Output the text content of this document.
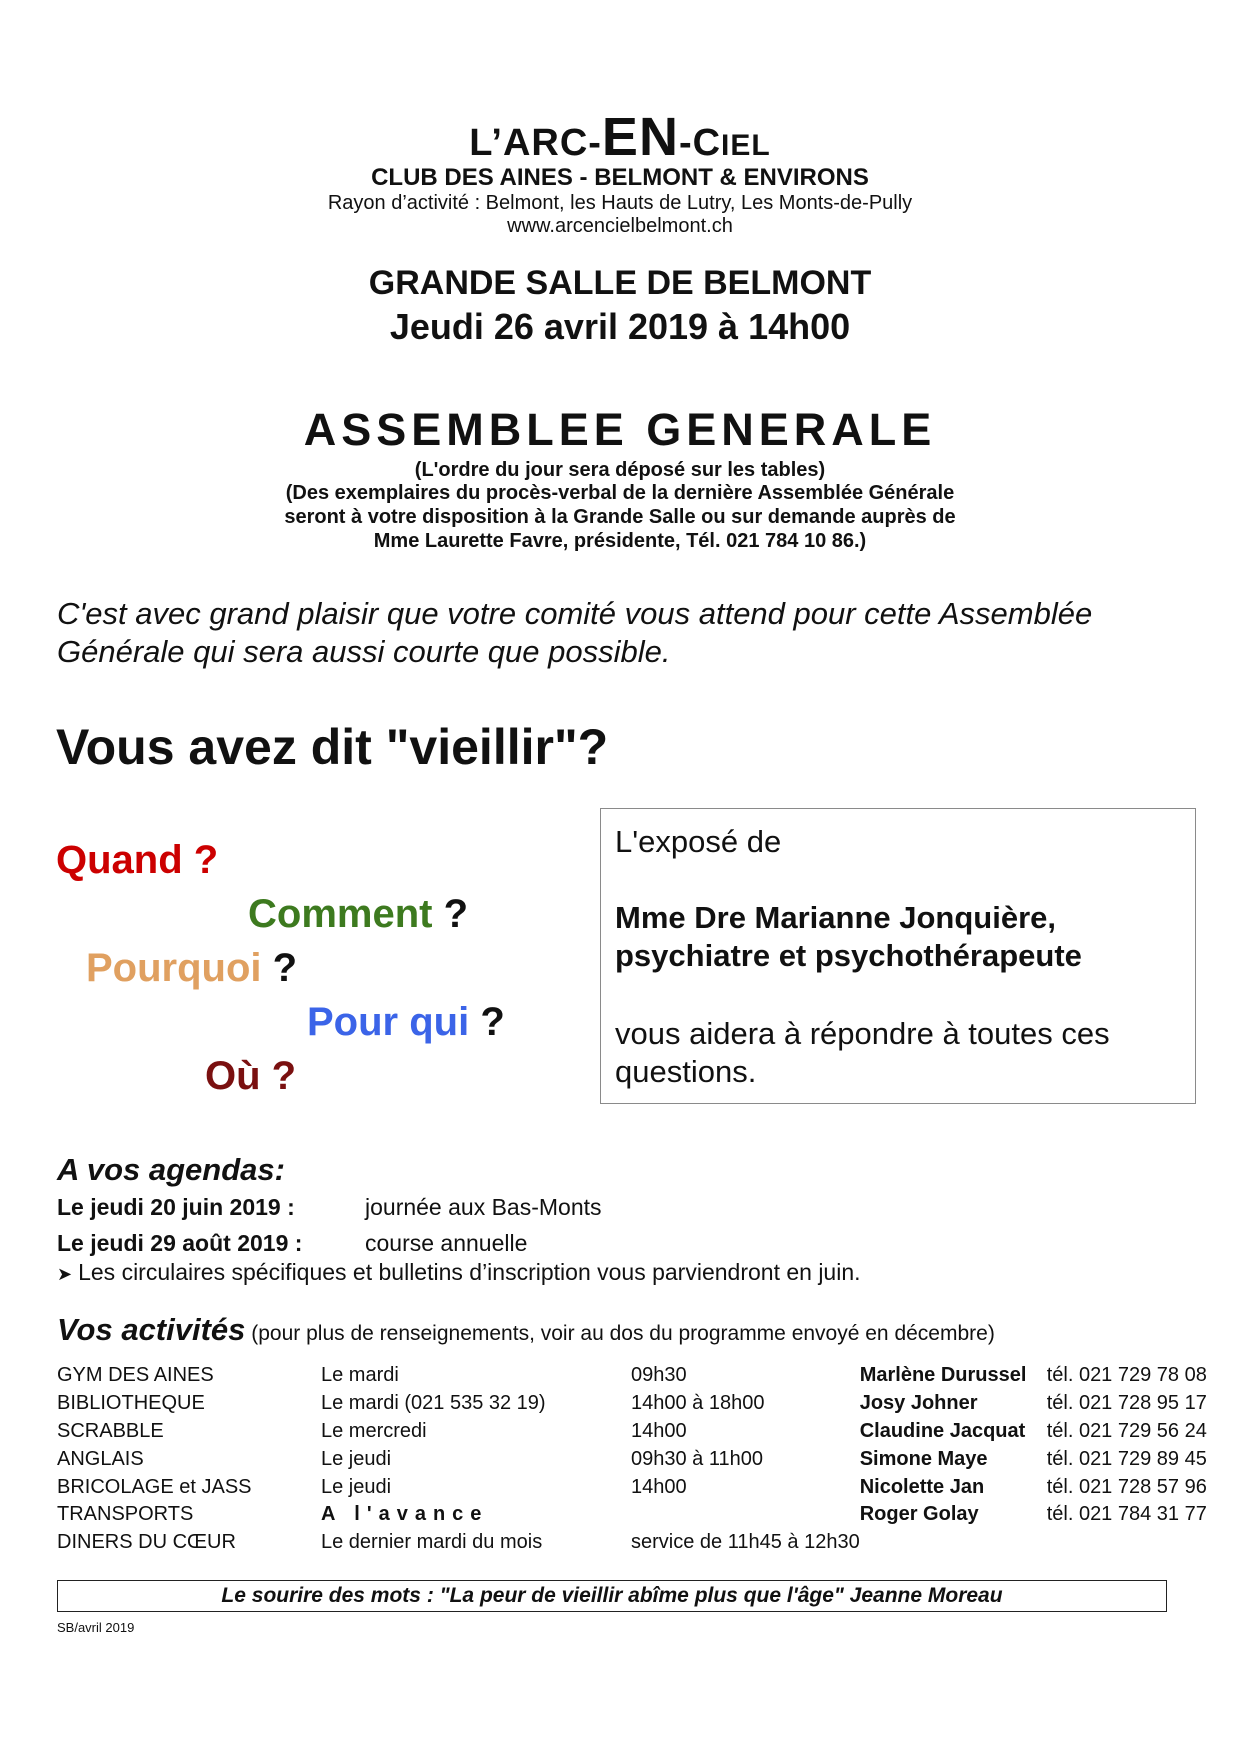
L’ARC-EN-CIEL
CLUB DES AINES - BELMONT & ENVIRONS
Rayon d’activité : Belmont, les Hauts de Lutry, Les Monts-de-Pully
www.arcencielbelmont.ch
GRANDE SALLE DE BELMONT
Jeudi 26 avril 2019 à 14h00
ASSEMBLEE GENERALE
(L'ordre du jour sera déposé sur les tables)
(Des exemplaires du procès-verbal de la dernière Assemblée Générale
seront à votre disposition à la Grande Salle ou sur demande auprès de
Mme Laurette Favre, présidente, Tél. 021 784 10 86.)
C'est avec grand plaisir que votre comité vous attend pour cette Assemblée Générale qui sera aussi courte que possible.
Vous avez dit "vieillir"?
Quand ?
Comment ?
Pourquoi ?
Pour qui ?
Où ?
L'exposé de
Mme Dre Marianne Jonquière,
psychiatre et psychothérapeute
vous aidera à répondre à toutes ces questions.
A vos agendas:
Le jeudi 20 juin 2019 :	journée aux Bas-Monts
Le jeudi 29 août 2019 :	course annuelle
➤ Les circulaires spécifiques et bulletins d’inscription vous parviendront en juin.
Vos activités (pour plus de renseignements, voir au dos du programme envoyé en décembre)
GYM DES AINES	Le mardi	09h30	Marlène Durussel	tél. 021 729 78 08
BIBLIOTHEQUE	Le mardi (021 535 32 19)	14h00 à 18h00	Josy Johner	tél. 021 728 95 17
SCRABBLE	Le mercredi	14h00	Claudine Jacquat	tél. 021 729 56 24
ANGLAIS	Le jeudi	09h30 à 11h00	Simone Maye	tél. 021 729 89 45
BRICOLAGE et JASS	Le jeudi	14h00	Nicolette Jan	tél. 021 728 57 96
TRANSPORTS	A l'avance		Roger Golay	tél. 021 784 31 77
DINERS DU CŒUR	Le dernier mardi du mois	service de 11h45 à 12h30		
Le sourire des mots : "La peur de vieillir abîme plus que l'âge" Jeanne Moreau
SB/avril 2019
